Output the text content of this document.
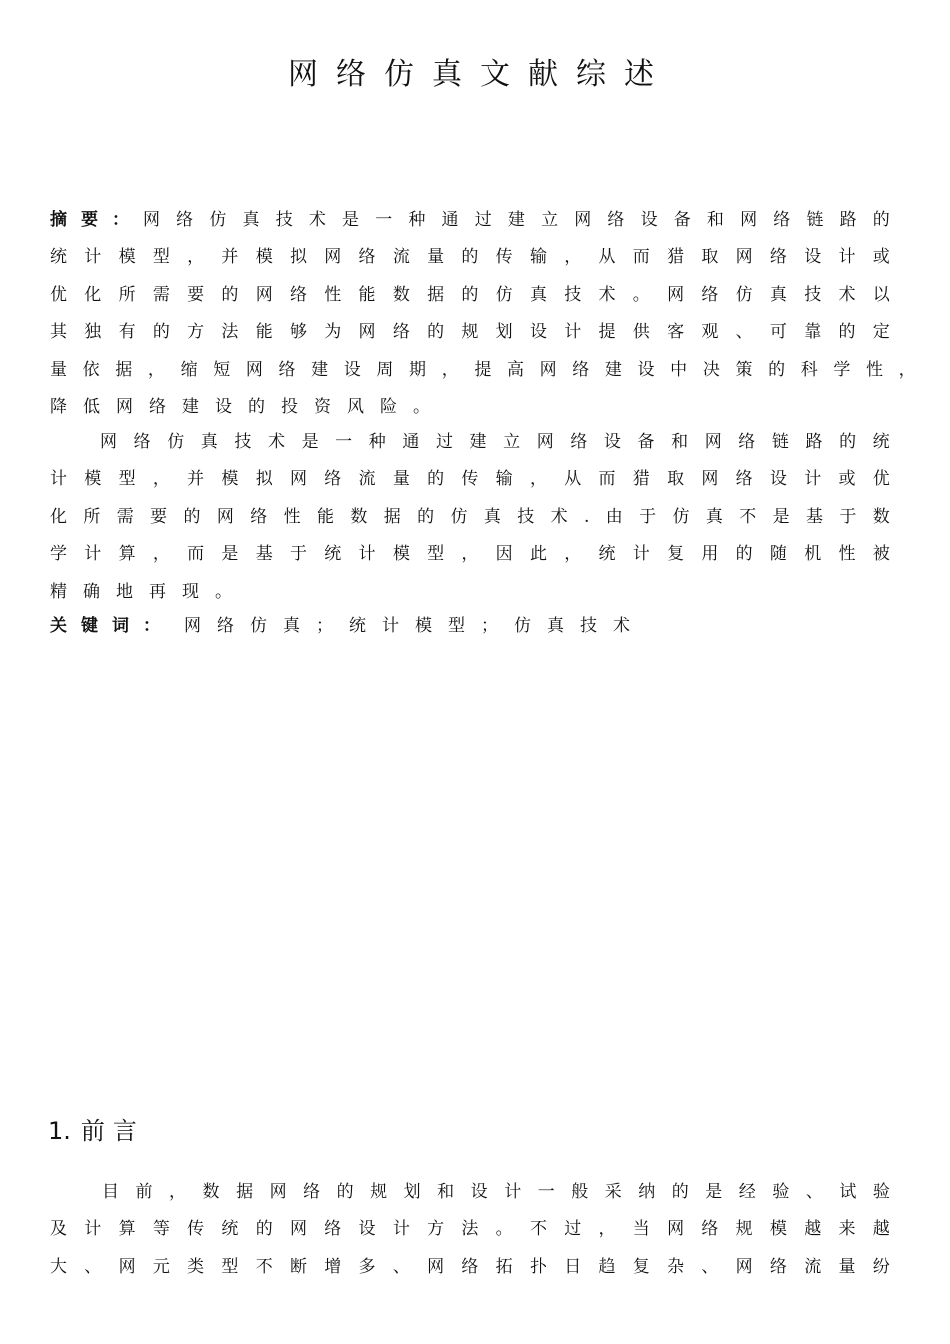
网络仿真文献综述
摘要： 网 络 仿 真 技 术 是 一 种 通 过 建 立 网 络 设 备 和 网 络 链 路 的
统 计 模 型 ， 并 模 拟 网 络 流 量 的 传 输 ， 从 而 猎 取 网 络 设 计 或
优 化 所 需 要 的 网 络 性 能 数 据 的 仿 真 技 术 。 网 络 仿 真 技 术 以
其 独 有 的 方 法 能 够 为 网 络 的 规 划 设 计 提 供 客 观 、 可 靠 的 定
量 依 据 ， 缩 短 网 络 建 设 周 期 ， 提 高 网 络 建 设 中 决 策 的 科 学 性 ，
降低网络建设的投资风险。
网 络 仿 真 技 术 是 一 种 通 过 建 立 网 络 设 备 和 网 络 链 路 的 统
计 模 型 ， 并 模 拟 网 络 流 量 的 传 输 ， 从 而 猎 取 网 络 设 计 或 优
化 所 需 要 的 网 络 性 能 数 据 的 仿 真 技 术 . 由 于 仿 真 不 是 基 于 数
学 计 算 ， 而 是 基 于 统 计 模 型 ， 因 此 ， 统 计 复 用 的 随 机 性 被
精确地再现。
关键词： 网络仿真；统计模型；仿真技术
1. 前言
目 前 ， 数 据 网 络 的 规 划 和 设 计 一 般 采 纳 的 是 经 验 、 试 验
及 计 算 等 传 统 的 网 络 设 计 方 法 。 不 过 ， 当 网 络 规 模 越 来 越
大 、 网 元 类 型 不 断 增 多 、 网 络 拓 扑 日 趋 复 杂 、 网 络 流 量 纷
